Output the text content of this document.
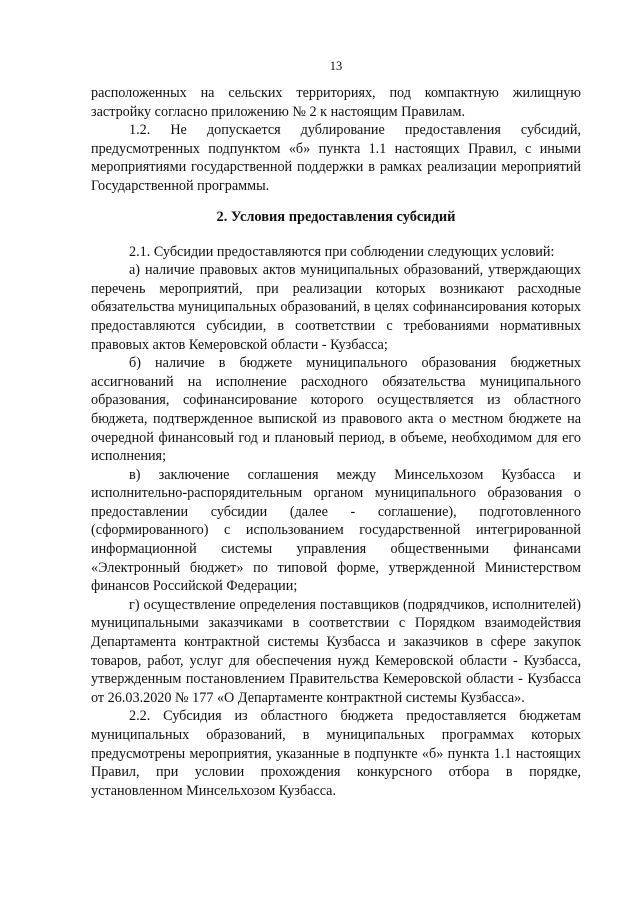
13

расположенных на сельских территориях, под компактную жилищную застройку согласно приложению № 2 к настоящим Правилам.

1.2. Не допускается дублирование предоставления субсидий, предусмотренных подпунктом «б» пункта 1.1 настоящих Правил, с иными мероприятиями государственной поддержки в рамках реализации мероприятий Государственной программы.

2. Условия предоставления субсидий

2.1. Субсидии предоставляются при соблюдении следующих условий:

а) наличие правовых актов муниципальных образований, утверждающих перечень мероприятий, при реализации которых возникают расходные обязательства муниципальных образований, в целях софинансирования которых предоставляются субсидии, в соответствии с требованиями нормативных правовых актов Кемеровской области - Кузбасса;

б) наличие в бюджете муниципального образования бюджетных ассигнований на исполнение расходного обязательства муниципального образования, софинансирование которого осуществляется из областного бюджета, подтвержденное выпиской из правового акта о местном бюджете на очередной финансовый год и плановый период, в объеме, необходимом для его исполнения;

в) заключение соглашения между Минсельхозом Кузбасса и исполнительно-распорядительным органом муниципального образования о предоставлении субсидии (далее - соглашение), подготовленного (сформированного) с использованием государственной интегрированной информационной системы управления общественными финансами «Электронный бюджет» по типовой форме, утвержденной Министерством финансов Российской Федерации;

г) осуществление определения поставщиков (подрядчиков, исполнителей) муниципальными заказчиками в соответствии с Порядком взаимодействия Департамента контрактной системы Кузбасса и заказчиков в сфере закупок товаров, работ, услуг для обеспечения нужд Кемеровской области - Кузбасса, утвержденным постановлением Правительства Кемеровской области - Кузбасса от 26.03.2020 № 177 «О Департаменте контрактной системы Кузбасса».

2.2. Субсидия из областного бюджета предоставляется бюджетам муниципальных образований, в муниципальных программах которых предусмотрены мероприятия, указанные в подпункте «б» пункта 1.1 настоящих Правил, при условии прохождения конкурсного отбора в порядке, установленном Минсельхозом Кузбасса.
